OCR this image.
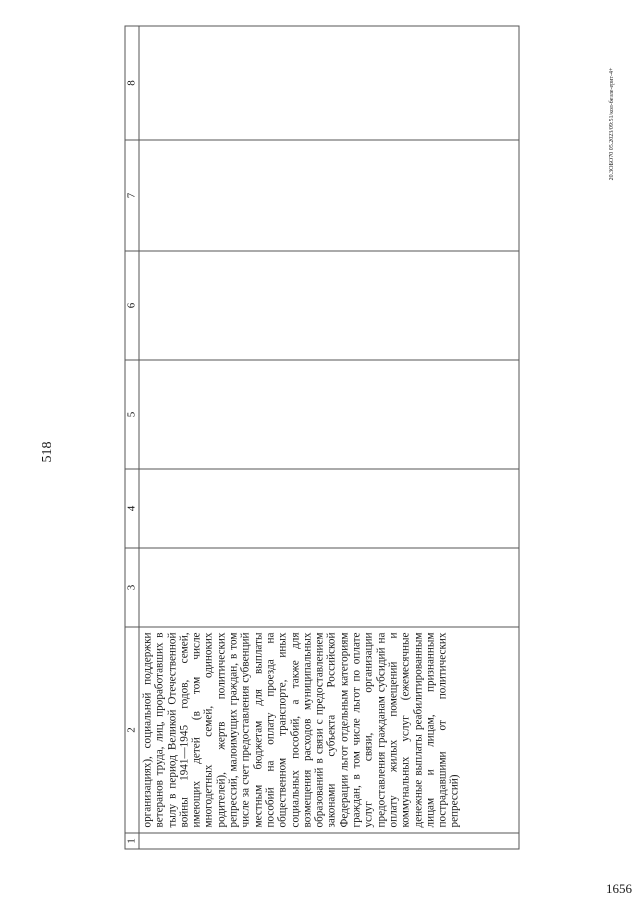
518
20.3ОБО70 05.2023/09:51/кол-безле-ерит-4+
1656
1	2	3	4	5	6	7	8

	организациях), социальной поддержки ветеранов труда, лиц, проработавших в тылу в период Великой Отечественной войны 1941—1945 годов, семей, имеющих детей (в том числе многодетных семей, одиноких родителей), жертв политических репрессий, малоимущих граждан, в том числе за счет предоставления субвенций местным бюджетам для выплаты пособий на оплату проезда на общественном транспорте, иных социальных пособий, а также для возмещения расходов муниципальных образований в связи с предоставлением законами субъекта Российской Федерации льгот отдельным категориям граждан, в том числе льгот по оплате услуг связи, организации предоставления гражданам субсидий на оплату жилых помещений и коммунальных услуг (ежемесячные денежные выплаты реабилитированным лицам и лицам, признанным пострадавшими от политических репрессий)						
